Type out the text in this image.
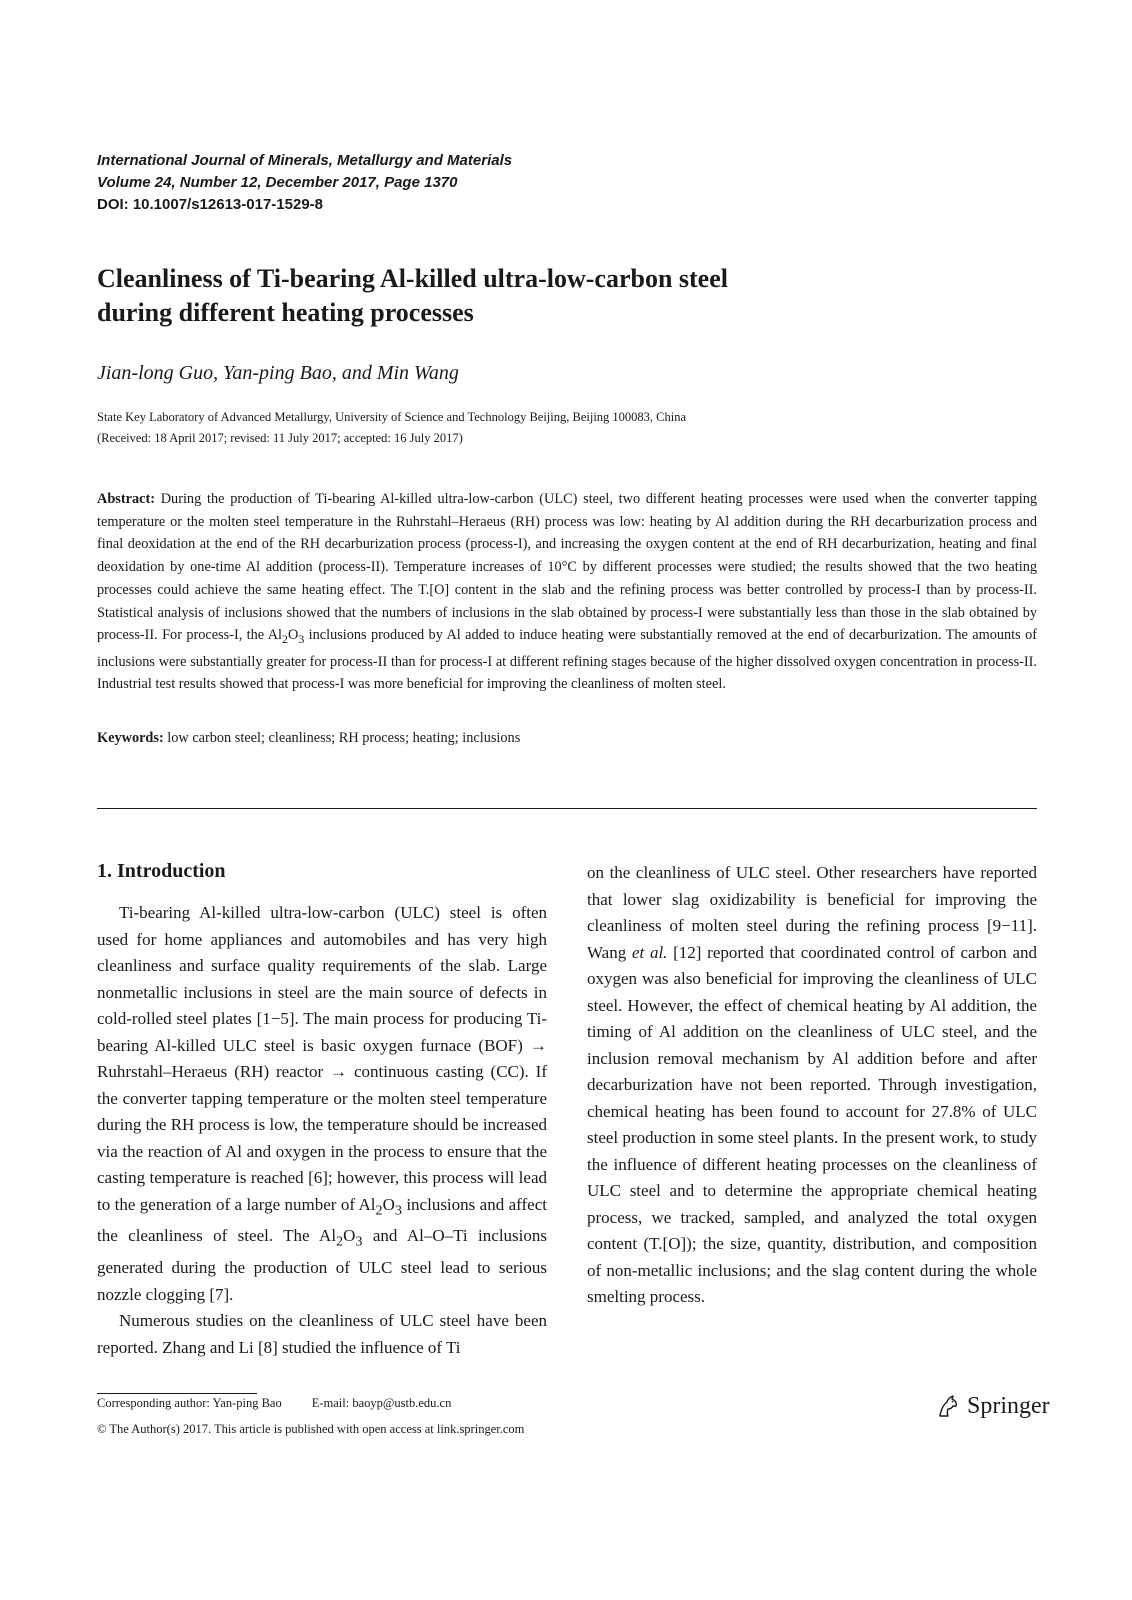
International Journal of Minerals, Metallurgy and Materials
Volume 24, Number 12, December 2017, Page 1370
DOI: 10.1007/s12613-017-1529-8
Cleanliness of Ti-bearing Al-killed ultra-low-carbon steel
during different heating processes
Jian-long Guo, Yan-ping Bao, and Min Wang
State Key Laboratory of Advanced Metallurgy, University of Science and Technology Beijing, Beijing 100083, China
(Received: 18 April 2017; revised: 11 July 2017; accepted: 16 July 2017)
Abstract: During the production of Ti-bearing Al-killed ultra-low-carbon (ULC) steel, two different heating processes were used when the converter tapping temperature or the molten steel temperature in the Ruhrstahl–Heraeus (RH) process was low: heating by Al addition during the RH decarburization process and final deoxidation at the end of the RH decarburization process (process-I), and increasing the oxygen content at the end of RH decarburization, heating and final deoxidation by one-time Al addition (process-II). Temperature increases of 10°C by different processes were studied; the results showed that the two heating processes could achieve the same heating effect. The T.[O] content in the slab and the refining process was better controlled by process-I than by process-II. Statistical analysis of inclusions showed that the numbers of inclusions in the slab obtained by process-I were substantially less than those in the slab obtained by process-II. For process-I, the $Al_2O_3$ inclusions produced by Al added to induce heating were substantially removed at the end of decarburization. The amounts of inclusions were substantially greater for process-II than for process-I at different refining stages because of the higher dissolved oxygen concentration in process-II. Industrial test results showed that process-I was more beneficial for improving the cleanliness of molten steel.
Keywords: low carbon steel; cleanliness; RH process; heating; inclusions

1. Introduction

Ti-bearing Al-killed ultra-low-carbon (ULC) steel is often used for home appliances and automobiles and has very high cleanliness and surface quality requirements of the slab. Large nonmetallic inclusions in steel are the main source of defects in cold-rolled steel plates [1−5]. The main process for producing Ti-bearing Al-killed ULC steel is basic oxygen furnace (BOF) → Ruhrstahl–Heraeus (RH) reactor → continuous casting (CC). If the converter tapping temperature or the molten steel temperature during the RH process is low, the temperature should be increased via the reaction of Al and oxygen in the process to ensure that the casting temperature is reached [6]; however, this process will lead to the generation of a large number of $Al_2O_3$ inclusions and affect the cleanliness of steel. The $Al_2O_3$ and Al–O–Ti inclusions generated during the production of ULC steel lead to serious nozzle clogging [7].

Numerous studies on the cleanliness of ULC steel have been reported. Zhang and Li [8] studied the influence of Ti

on the cleanliness of ULC steel. Other researchers have reported that lower slag oxidizability is beneficial for improving the cleanliness of molten steel during the refining process [9−11]. Wang et al. [12] reported that coordinated control of carbon and oxygen was also beneficial for improving the cleanliness of ULC steel. However, the effect of chemical heating by Al addition, the timing of Al addition on the cleanliness of ULC steel, and the inclusion removal mechanism by Al addition before and after decarburization have not been reported. Through investigation, chemical heating has been found to account for 27.8% of ULC steel production in some steel plants. In the present work, to study the influence of different heating processes on the cleanliness of ULC steel and to determine the appropriate chemical heating process, we tracked, sampled, and analyzed the total oxygen content (T.[O]); the size, quantity, distribution, and composition of non-metallic inclusions; and the slag content during the whole smelting process.

Corresponding author: Yan-ping Bao E-mail: baoyp@ustb.edu.cn
© The Author(s) 2017. This article is published with open access at link.springer.com
Springer
